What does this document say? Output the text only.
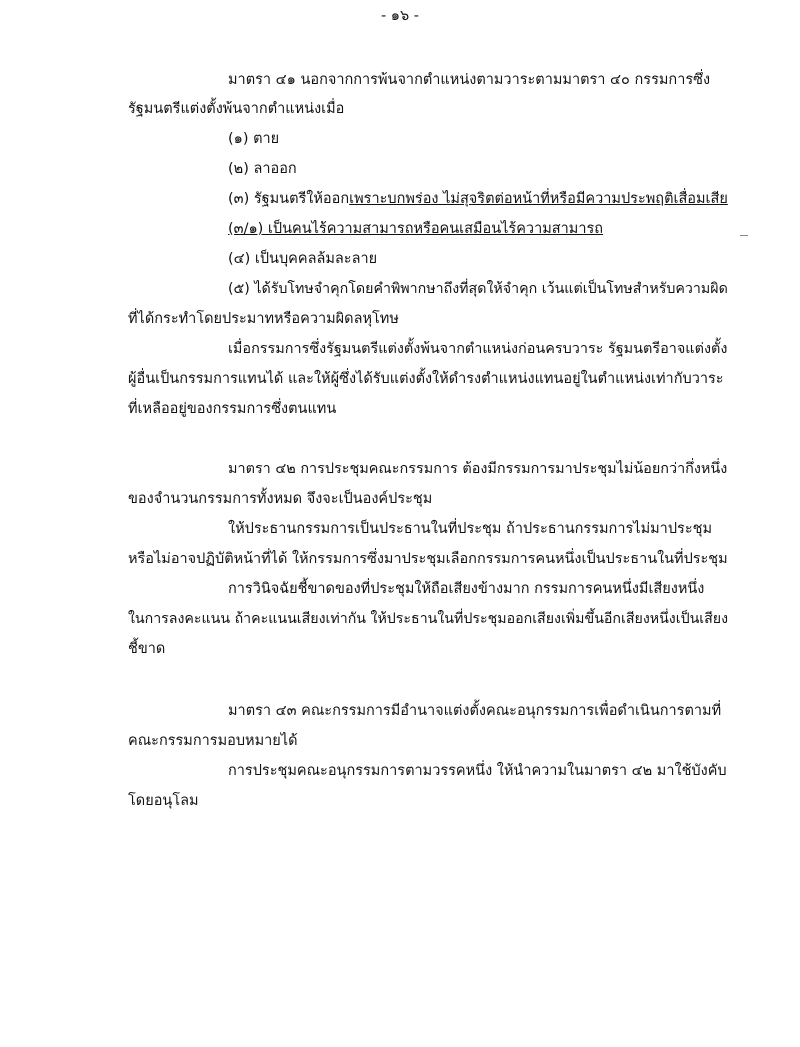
- ๑๖ -
มาตรา ๔๑ นอกจากการพ้นจากตำแหน่งตามวาระตามมาตรา ๔๐ กรรมการซึ่ง
รัฐมนตรีแต่งตั้งพ้นจากตำแหน่งเมื่อ
(๑) ตาย
(๒) ลาออก
(๓) รัฐมนตรีให้ออกเพราะบกพร่อง ไม่สุจริตต่อหน้าที่หรือมีความประพฤติเสื่อมเสีย
(๓/๑) เป็นคนไร้ความสามารถหรือคนเสมือนไร้ความสามารถ
(๔) เป็นบุคคลล้มละลาย
(๕) ได้รับโทษจำคุกโดยคำพิพากษาถึงที่สุดให้จำคุก เว้นแต่เป็นโทษสำหรับความผิด
ที่ได้กระทำโดยประมาทหรือความผิดลหุโทษ
เมื่อกรรมการซึ่งรัฐมนตรีแต่งตั้งพ้นจากตำแหน่งก่อนครบวาระ รัฐมนตรีอาจแต่งตั้ง
ผู้อื่นเป็นกรรมการแทนได้ และให้ผู้ซึ่งได้รับแต่งตั้งให้ดำรงตำแหน่งแทนอยู่ในตำแหน่งเท่ากับวาระ
ที่เหลืออยู่ของกรรมการซึ่งตนแทน
มาตรา ๔๒ การประชุมคณะกรรมการ ต้องมีกรรมการมาประชุมไม่น้อยกว่ากึ่งหนึ่ง
ของจำนวนกรรมการทั้งหมด จึงจะเป็นองค์ประชุม
ให้ประธานกรรมการเป็นประธานในที่ประชุม ถ้าประธานกรรมการไม่มาประชุม
หรือไม่อาจปฏิบัติหน้าที่ได้ ให้กรรมการซึ่งมาประชุมเลือกกรรมการคนหนึ่งเป็นประธานในที่ประชุม
การวินิจฉัยชี้ขาดของที่ประชุมให้ถือเสียงข้างมาก กรรมการคนหนึ่งมีเสียงหนึ่ง
ในการลงคะแนน ถ้าคะแนนเสียงเท่ากัน ให้ประธานในที่ประชุมออกเสียงเพิ่มขึ้นอีกเสียงหนึ่งเป็นเสียง
ชี้ขาด
มาตรา ๔๓ คณะกรรมการมีอำนาจแต่งตั้งคณะอนุกรรมการเพื่อดำเนินการตามที่
คณะกรรมการมอบหมายได้
การประชุมคณะอนุกรรมการตามวรรคหนึ่ง ให้นำความในมาตรา ๔๒ มาใช้บังคับ
โดยอนุโลม
